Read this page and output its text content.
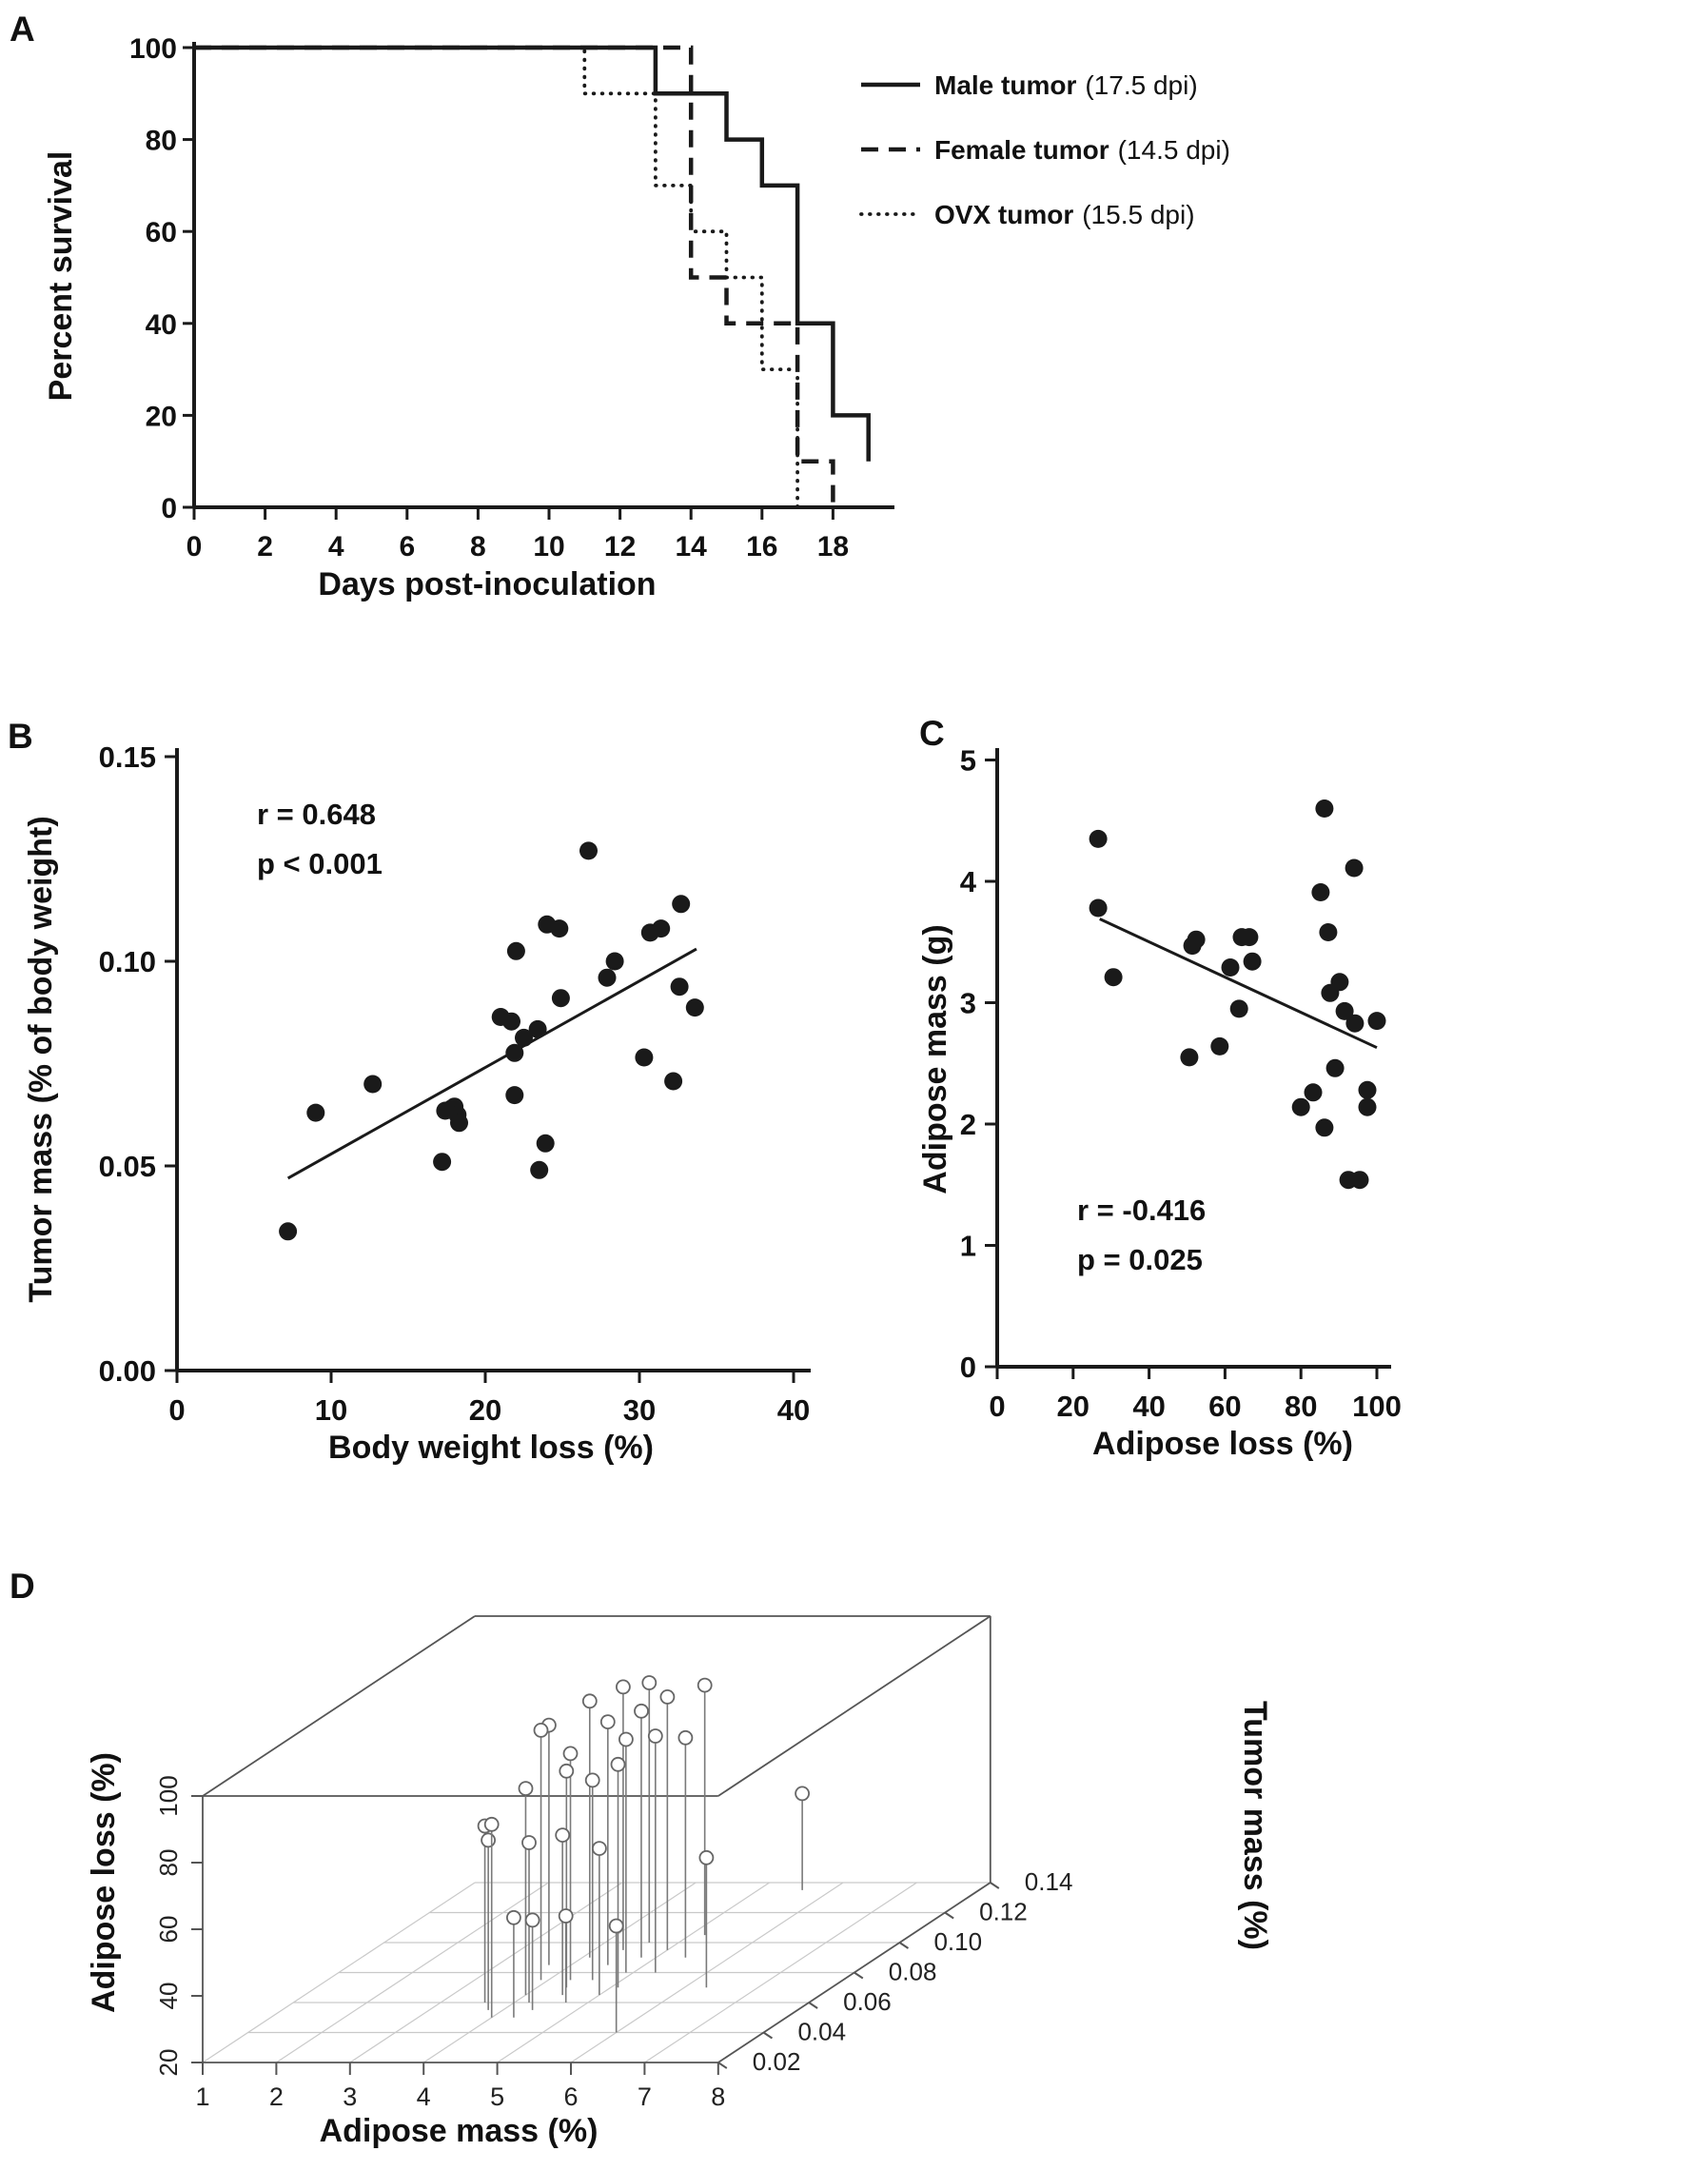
A
B	C
D
0 2 4 6 8 10 12 14 16 18
0
20
40
60
80
100
Days post-inoculation
Percent survival
Male tumor (17.5 dpi)
Female tumor (14.5 dpi)
OVX tumor (15.5 dpi)
0	10	20	30	40
0.00
0.05
0.10
0.15
Body weight loss (%)
Tumor mass (% of body weight)
r = 0.648
p < 0.001
0 20 40 60 80 100
0
1
2
3
4
5
Adipose loss (%)
Adipose mass (g)
r = -0.416
p = 0.025
20
40
60
80
100
1 2 3 4 5 6 7 8
0.02
0.04
0.06
0.08
0.10
0.12
0.14
Adipose loss (%)
Adipose mass (%)
Tumor mass (%)
